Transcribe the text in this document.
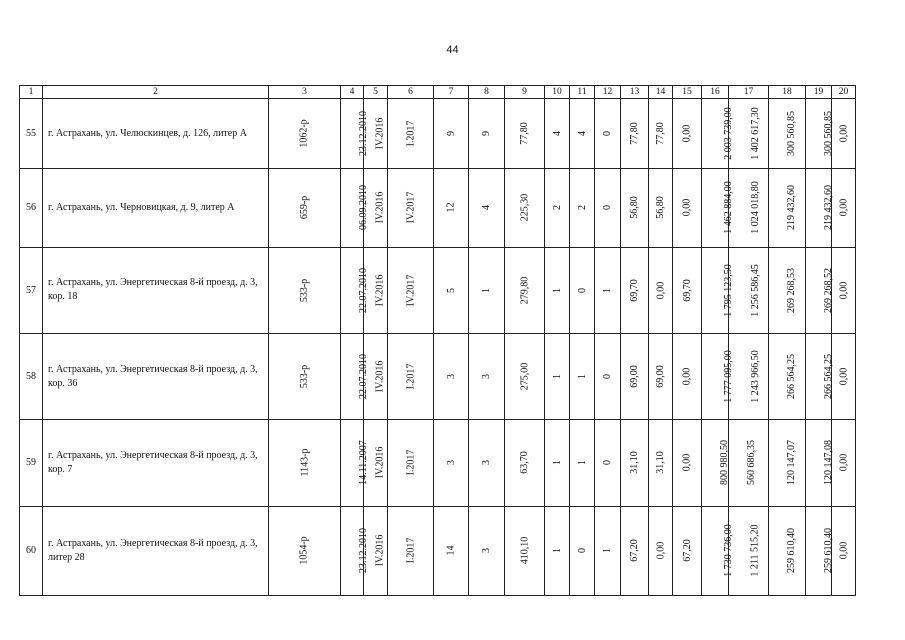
44
1	2	3	4	5	6	7	8	9	10	11	12	13	14	15	16	17	18	19	20
55	г. Астрахань, ул. Челюскинцев, д. 126, литер А	1062-р	23.12.2010	IV.2016	I.2017	9	9	77,80	4	4	0	77,80	77,80	0,00	2 003 739,00	1 402 617,30	300 560,85	300 560,85	0,00
56	г. Астрахань, ул. Черновицкая, д. 9, литер А	659-р	06.09.2010	IV.2016	IV.2017	12	4	225,30	2	2	0	56,80	56,80	0,00	1 462 884,00	1 024 018,80	219 432,60	219 432,60	0,00
57	г. Астрахань, ул. Энергетическая 8-й проезд, д. 3, кор. 18	533-р	22.07.2010	IV.2016	IV.2017	5	1	279,80	1	0	1	69,70	0,00	69,70	1 795 123,50	1 256 586,45	269 268,53	269 268,52	0,00
58	г. Астрахань, ул. Энергетическая 8-й проезд, д. 3, кор. 36	533-р	22.07.2010	IV.2016	I.2017	3	3	275,00	1	1	0	69,00	69,00	0,00	1 777 095,00	1 243 966,50	266 564,25	266 564,25	0,00
59	г. Астрахань, ул. Энергетическая 8-й проезд, д. 3, кор. 7	1143-р	14.11.2007	IV.2016	I.2017	3	3	63,70	1	1	0	31,10	31,10	0,00	800 980,50	560 686,35	120 147,07	120 147,08	0,00
60	г. Астрахань, ул. Энергетическая 8-й проезд, д. 3, литер 28	1054-р	23.12.2010	IV.2016	I.2017	14	3	410,10	1	0	1	67,20	0,00	67,20	1 730 736,00	1 211 515,20	259 610,40	259 610,40	0,00
